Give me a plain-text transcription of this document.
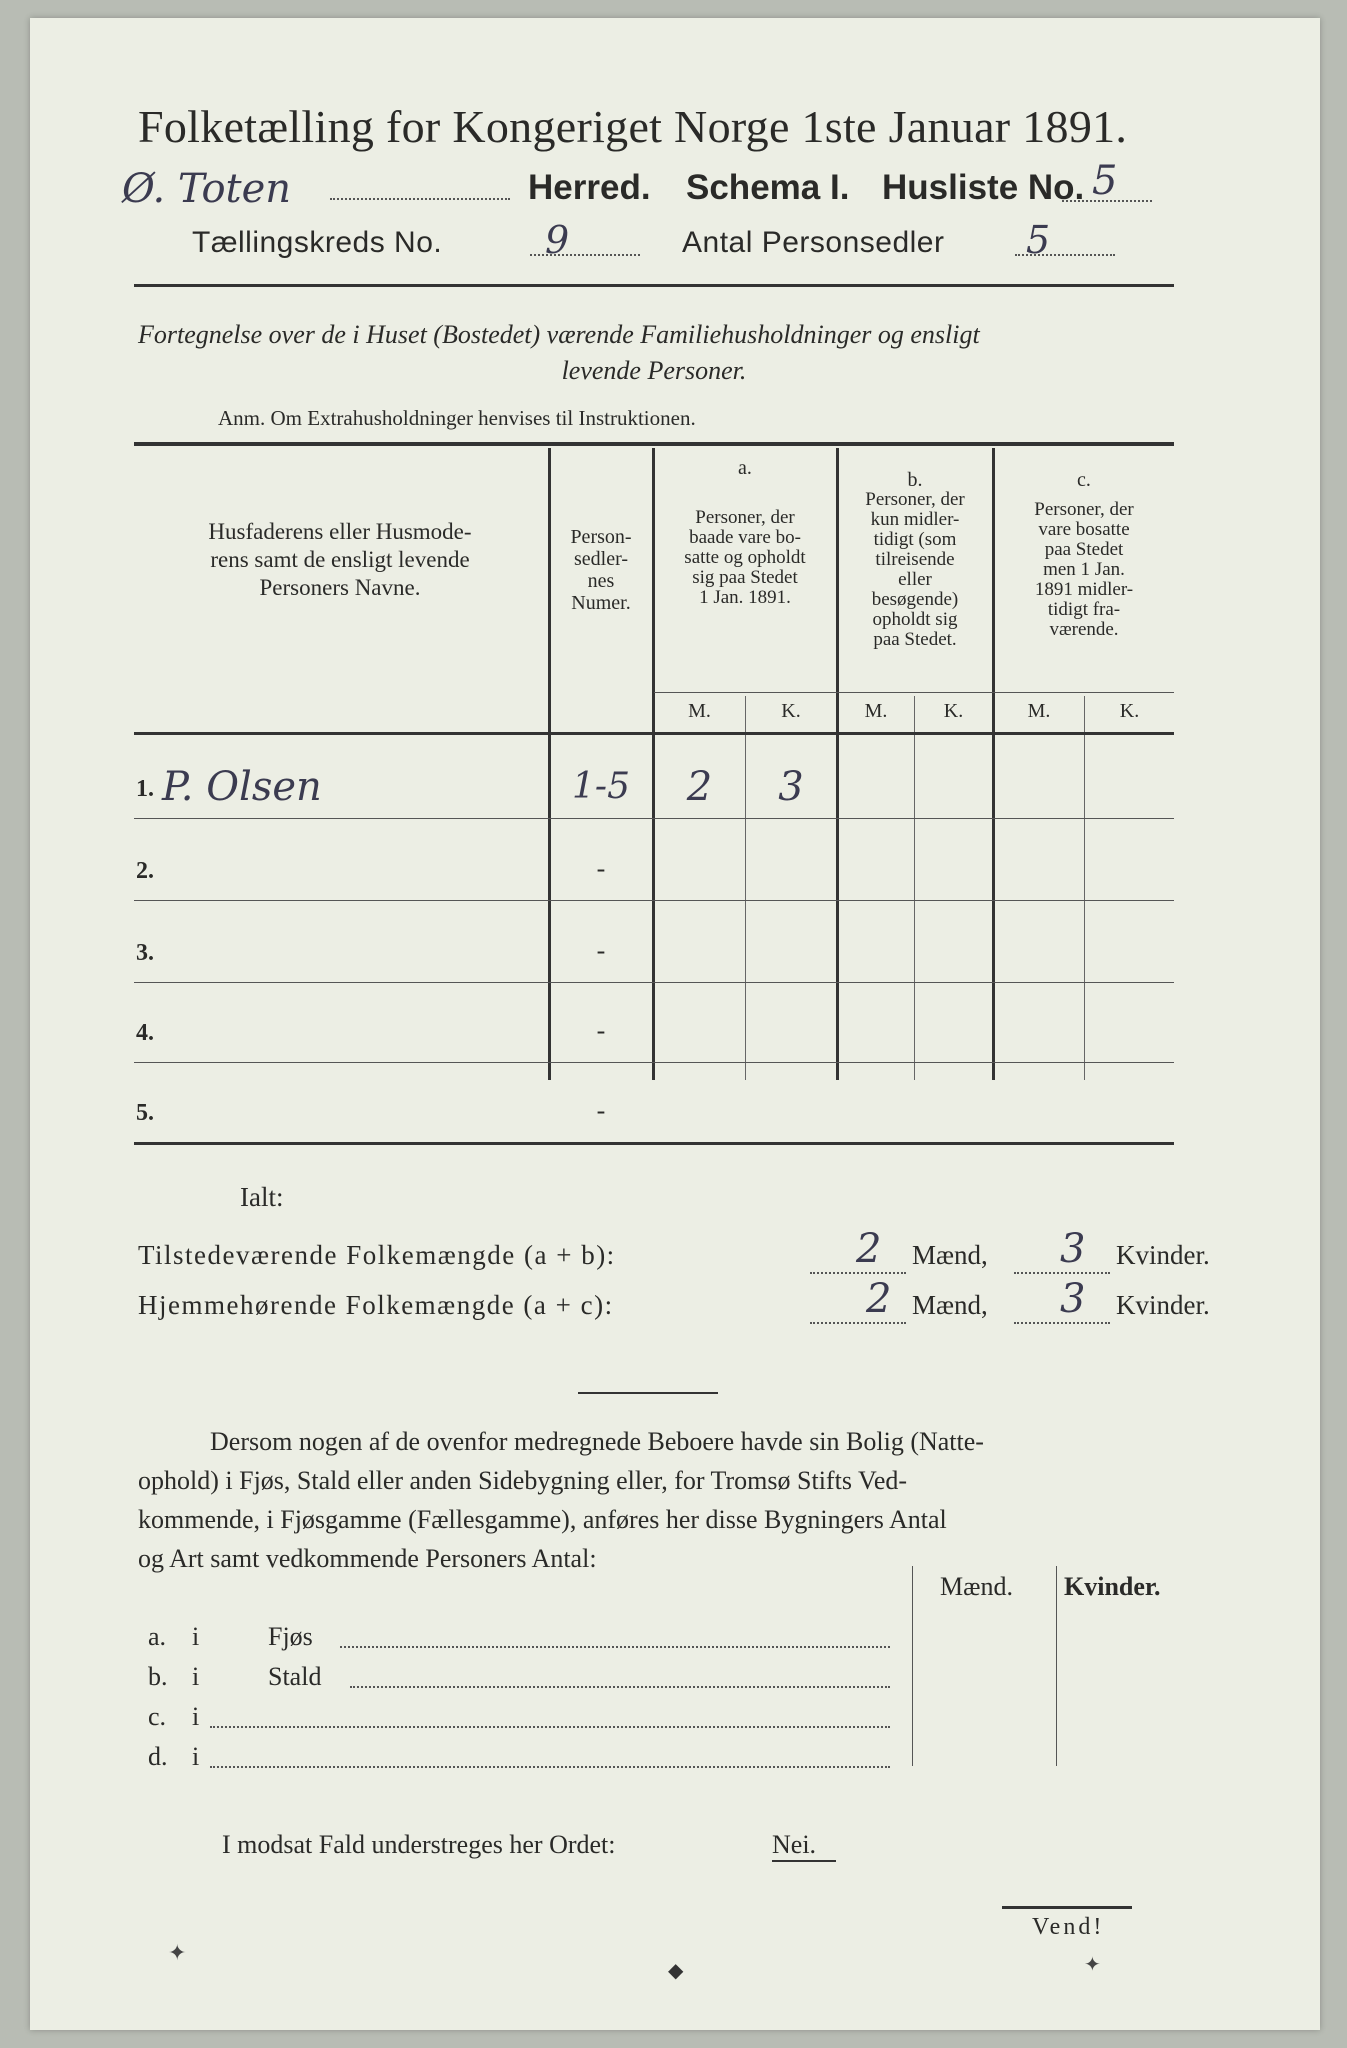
Folketælling for Kongeriget Norge 1ste Januar 1891.
Ø. Toten	Herred. Schema I. Husliste No. 5
Tællingskreds No.	9	Antal Personsedler 5
Fortegnelse over de i Huset (Bostedet) værende Familiehusholdninger og ensligt
levende Personer.
Anm. Om Extrahusholdninger henvises til Instruktionen.
Husfaderens eller Husmode-
rens samt de ensligt levende
Personers Navne.
Person-
sedler-
nes
Numer.
a.
Personer, der
baade vare bo-
satte og opholdt
sig paa Stedet
1 Jan. 1891.
b.
Personer, der
kun midler-
tidigt (som
tilreisende
eller
besøgende)
opholdt sig
paa Stedet.
c.
Personer, der
vare bosatte
paa Stedet
men 1 Jan.
1891 midler-
tidigt fra-
værende.
M.	K.	M.	K.	M.	K.
1. P. Olsen	1-5	2	3
2.	-
3.	-
4.	-
5.	-
Ialt:
Tilstedeværende Folkemængde (a + b):	2 Mænd, 3 Kvinder.
Hjemmehørende Folkemængde (a + c):	2 Mænd, 3 Kvinder.
Dersom nogen af de ovenfor medregnede Beboere havde sin Bolig (Natte-
ophold) i Fjøs, Stald eller anden Sidebygning eller, for Tromsø Stifts Ved-
kommende, i Fjøsgamme (Fællesgamme), anføres her disse Bygningers Antal
og Art samt vedkommende Personers Antal:
Mænd. Kvinder.
a. i	Fjøs
b. i	Stald
c. i
d. i
I modsat Fald understreges her Ordet:	Nei.
Vend!
✦
◆	✦
